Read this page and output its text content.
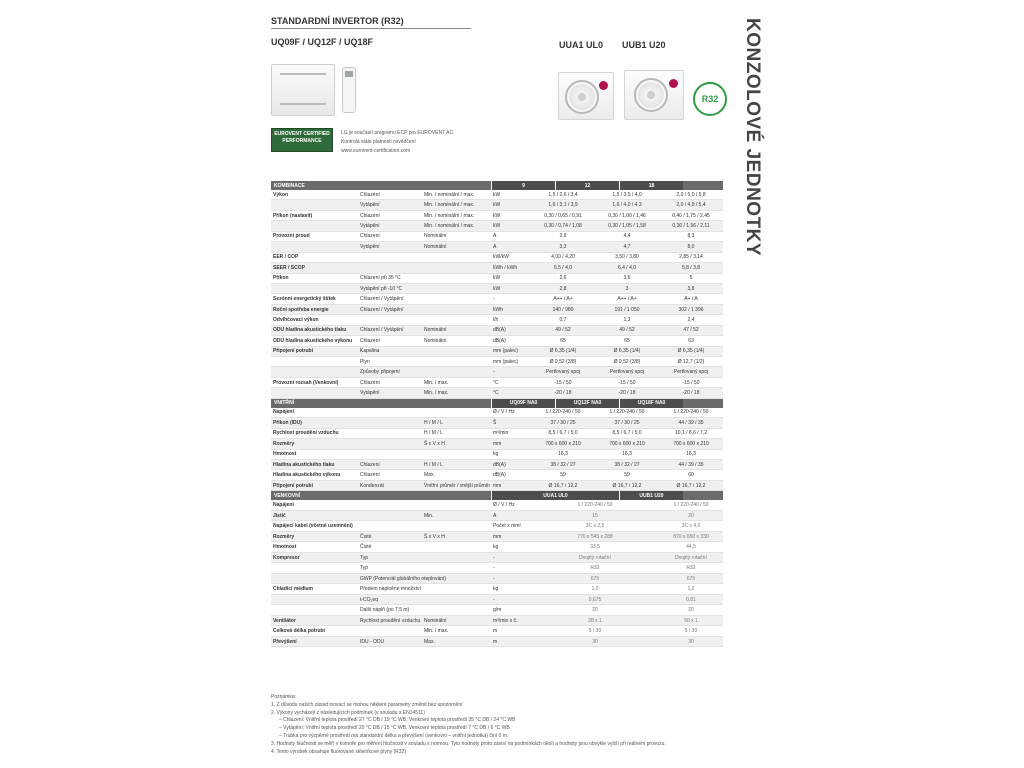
STANDARDNÍ INVERTOR (R32)
UQ09F / UQ12F / UQ18F	UUA1 UL0 UUB1 U20	KONZOLOVÉ JEDNOTKY
R32
EUROVENT CERTIFIED PERFORMANCE
LG je součástí programu ECP pro EUROVENT AC.
Kontrola stále platnosti osvědčení
www.eurovent-certification.com
KOMBINACE	9	12	18
Výkon	Chlazení	Min. / nominální / max.	kW	1,5 / 2,6 / 3,4	1,5 / 3,5 / 4,0	2,0 / 5,0 / 5,8
Vytápění	Min. / nominální / max.	kW	1,6 / 3,1 / 3,9	1,6 / 4,0 / 4,3	2,0 / 4,9 / 5,4
Příkon (nastavit)	Chlazení	Min. / nominální / max.	kW	0,30 / 0,65 / 0,91	0,30 / 1,00 / 1,46	0,40 / 1,75 / 2,45
Vytápění	Min. / nominální / max.	kW	0,30 / 0,74 / 1,08	0,30 / 1,05 / 1,58	0,30 / 1,56 / 2,11
Provozní proud	Chlazení	Nominální	A	2,9	4,4	8,3
Vytápění	Nominální	A	3,3	4,7	8,0
EER / COP	kW/kW	4,00 / 4,20	3,50 / 3,80	2,85 / 3,14
SEER / SCOP	kWh / kWh	6,5 / 4,0	6,4 / 4,0	5,8 / 3,8
Příkon	Chlazení při 35 °C	kW	2,6	3,5	5
Vytápění při -10 °C	kW	2,8	3	3,8
Sezónní energetický štítek	Chlazení / Vytápění	-	A++ / A+	A++ / A+	A+ / A
Roční spotřeba energie	Chlazení / Vytápění	kWh	140 / 980	191 / 1 050	302 / 1 396
Odvlhčovací výkon	l/h	0,7	1,3	2,4
ODU hladina akustického tlaku	Chlazení / Vytápění	Nominální	dB(A)	49 / 52	49 / 52	47 / 52
ODU hladina akustického výkonu	Chlazení	Nominální	dB(A)	65	65	63
Připojení potrubí	Kapalina	mm (palec)	Ø 6,35 (1/4)	Ø 6,35 (1/4)	Ø 6,35 (1/4)
Plyn	mm (palec)	Ø 9,52 (3/8)	Ø 9,52 (3/8)	Ø 12,7 (1/2)
Způsoby připojení	-	Pertlovaný spoj	Pertlovaný spoj	Pertlovaný spoj
Provozní rozsah (Venkovní)	Chlazení	Min. / max.	°C	-15 / 50	-15 / 50	-15 / 50
Vytápění	Min. / max.	°C	-20 / 18	-20 / 18	-20 / 18
VNITŘNÍ	UQ09F NA0	UQ12F NA0	UQ18F NA0
Napájení	Ø / V / Hz	1 / 220-240 / 50	1 / 220-240 / 50	1 / 220-240 / 50
Příkon (IDU)	H / M / L	Š	37 / 30 / 25	37 / 30 / 25	44 / 39 / 35
Rychlost proudění vzduchu	H / M / L	m³/min	8,5 / 6,7 / 5,0	8,5 / 6,7 / 5,0	10,1 / 8,6 / 7,2
Rozměry	Š x V x H	mm	700 x 600 x 210	700 x 600 x 210	700 x 600 x 210
Hmotnost	kg	16,3	16,3	16,3
Hladina akustického tlaku	Chlazení	H / M / L	dB(A)	38 / 32 / 27	38 / 32 / 27	44 / 39 / 35
Hladina akustického výkonu	Chlazení	Max.	dB(A)	59	59	60
Připojení potrubí	Kondenzát	Vnitřní průměr / vnější průměr mm	Ø 16,7 / 12,2	Ø 16,7 / 12,2	Ø 16,7 / 12,2
VENKOVNÍ	UUA1 UL0	UUB1 U20
Napájení	Ø / V / Hz	1 / 220-240 / 50	1 / 220-240 / 50
Jistič	Min.	A	15	20
Napájecí kabel (včetně uzemnění)	Počet x mm²	3C x 2,5	3C x 4,0
Rozměry	Čisté	Š x V x H	mm	770 x 545 x 288	870 x 650 x 330
Hmotnost	Čisté	kg	33,5	44,5
Kompresor	Typ	-	Dvojitý rotační	Dvojitý rotační
Typ	-	R32	R32
GWP (Potenciál globálního oteplování)	-	675	675
Chladicí médium	Předem naplněné množství	kg	1,0	1,2
t-CO₂eq	-	0,675	0,81
Další náplň (po 7,5 m)	g/m	20	20
Ventilátor	Rychlost proudění vzduchu Nominální	m³/min x č.	28 x 1	50 x 1
Celková délka potrubí	Min. / max.	m	5 / 30	5 / 30
Převýšení	IDU - ODU	Max.	m	30	30
Poznámka:
1. Z důvodu našich zásad inovací se mohou některé parametry změnit bez upozornění
2. Výkony vycházejí z následujících podmínek (v souladu s EN14511)
– Chlazení: Vnitřní teplota prostředí 27 °C DB / 19 °C WB, Venkovní teplota prostředí 35 °C DB / 24 °C WB
– Vytápění: Vnitřní teplota prostředí 20 °C DB / 15 °C WB, Venkovní teplota prostředí 7 °C DB / 6 °C WB
– Trubka pro výzpěrné prostředí má standardní délku a převýšení (venkovní – vnitřní jednotka) činí 0 m.
3. Hodnoty hlučnosti se měří v komoře pro měření hlučnosti v souladu s normou. Tyto hodnoty proto závisí na podmínkách okolí a hodnoty jsou obvykle vyšší při reálném provozu.
4. Tento výrobek obsahuje fluorované skleníkové plyny (R32)
